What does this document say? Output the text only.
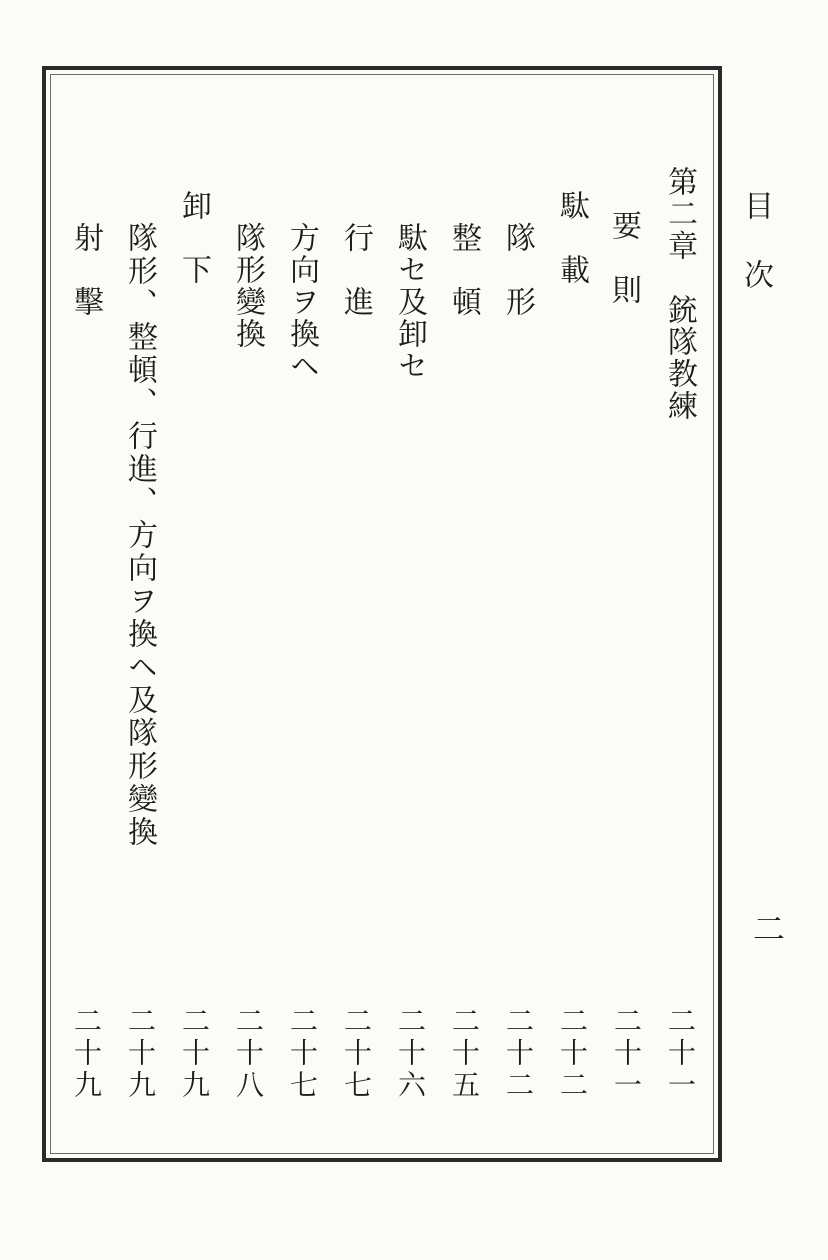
目 次
二
第二章　銃隊教練
要　則
駄　載
隊　形
整　頓
駄セ及卸セ
行　進
方向ヲ換ヘ
隊形變換
卸　下
隊形、整頓、行進、方向ヲ換ヘ及隊形變換
射　擊
二十一
二十一
二十二
二十二
二十五
二十六
二十七
二十七
二十八
二十九
二十九
二十九
